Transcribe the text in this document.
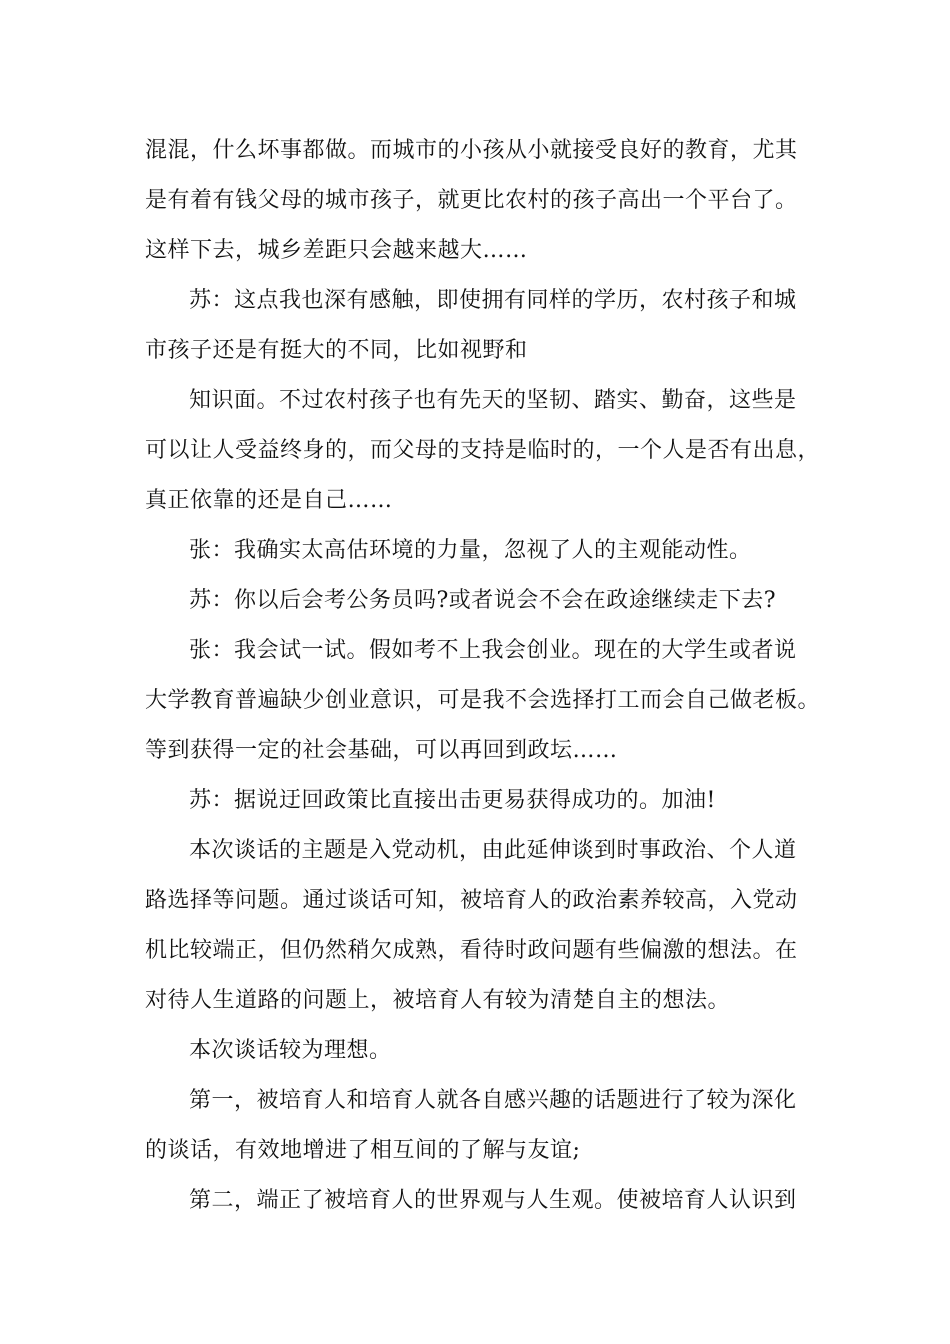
混混，什么坏事都做。而城市的小孩从小就接受良好的教育，尤其
是有着有钱父母的城市孩子，就更比农村的孩子高出一个平台了。
这样下去，城乡差距只会越来越大……
苏：这点我也深有感触，即使拥有同样的学历，农村孩子和城
市孩子还是有挺大的不同，比如视野和
知识面。不过农村孩子也有先天的坚韧、踏实、勤奋，这些是
可以让人受益终身的，而父母的支持是临时的，一个人是否有出息，
真正依靠的还是自己……
张：我确实太高估环境的力量，忽视了人的主观能动性。
苏：你以后会考公务员吗?或者说会不会在政途继续走下去?
张：我会试一试。假如考不上我会创业。现在的大学生或者说
大学教育普遍缺少创业意识，可是我不会选择打工而会自己做老板。
等到获得一定的社会基础，可以再回到政坛……
苏：据说迂回政策比直接出击更易获得成功的。加油!
本次谈话的主题是入党动机，由此延伸谈到时事政治、个人道
路选择等问题。通过谈话可知，被培育人的政治素养较高，入党动
机比较端正，但仍然稍欠成熟，看待时政问题有些偏激的想法。在
对待人生道路的问题上，被培育人有较为清楚自主的想法。
本次谈话较为理想。
第一，被培育人和培育人就各自感兴趣的话题进行了较为深化
的谈话，有效地增进了相互间的了解与友谊;
第二，端正了被培育人的世界观与人生观。使被培育人认识到
